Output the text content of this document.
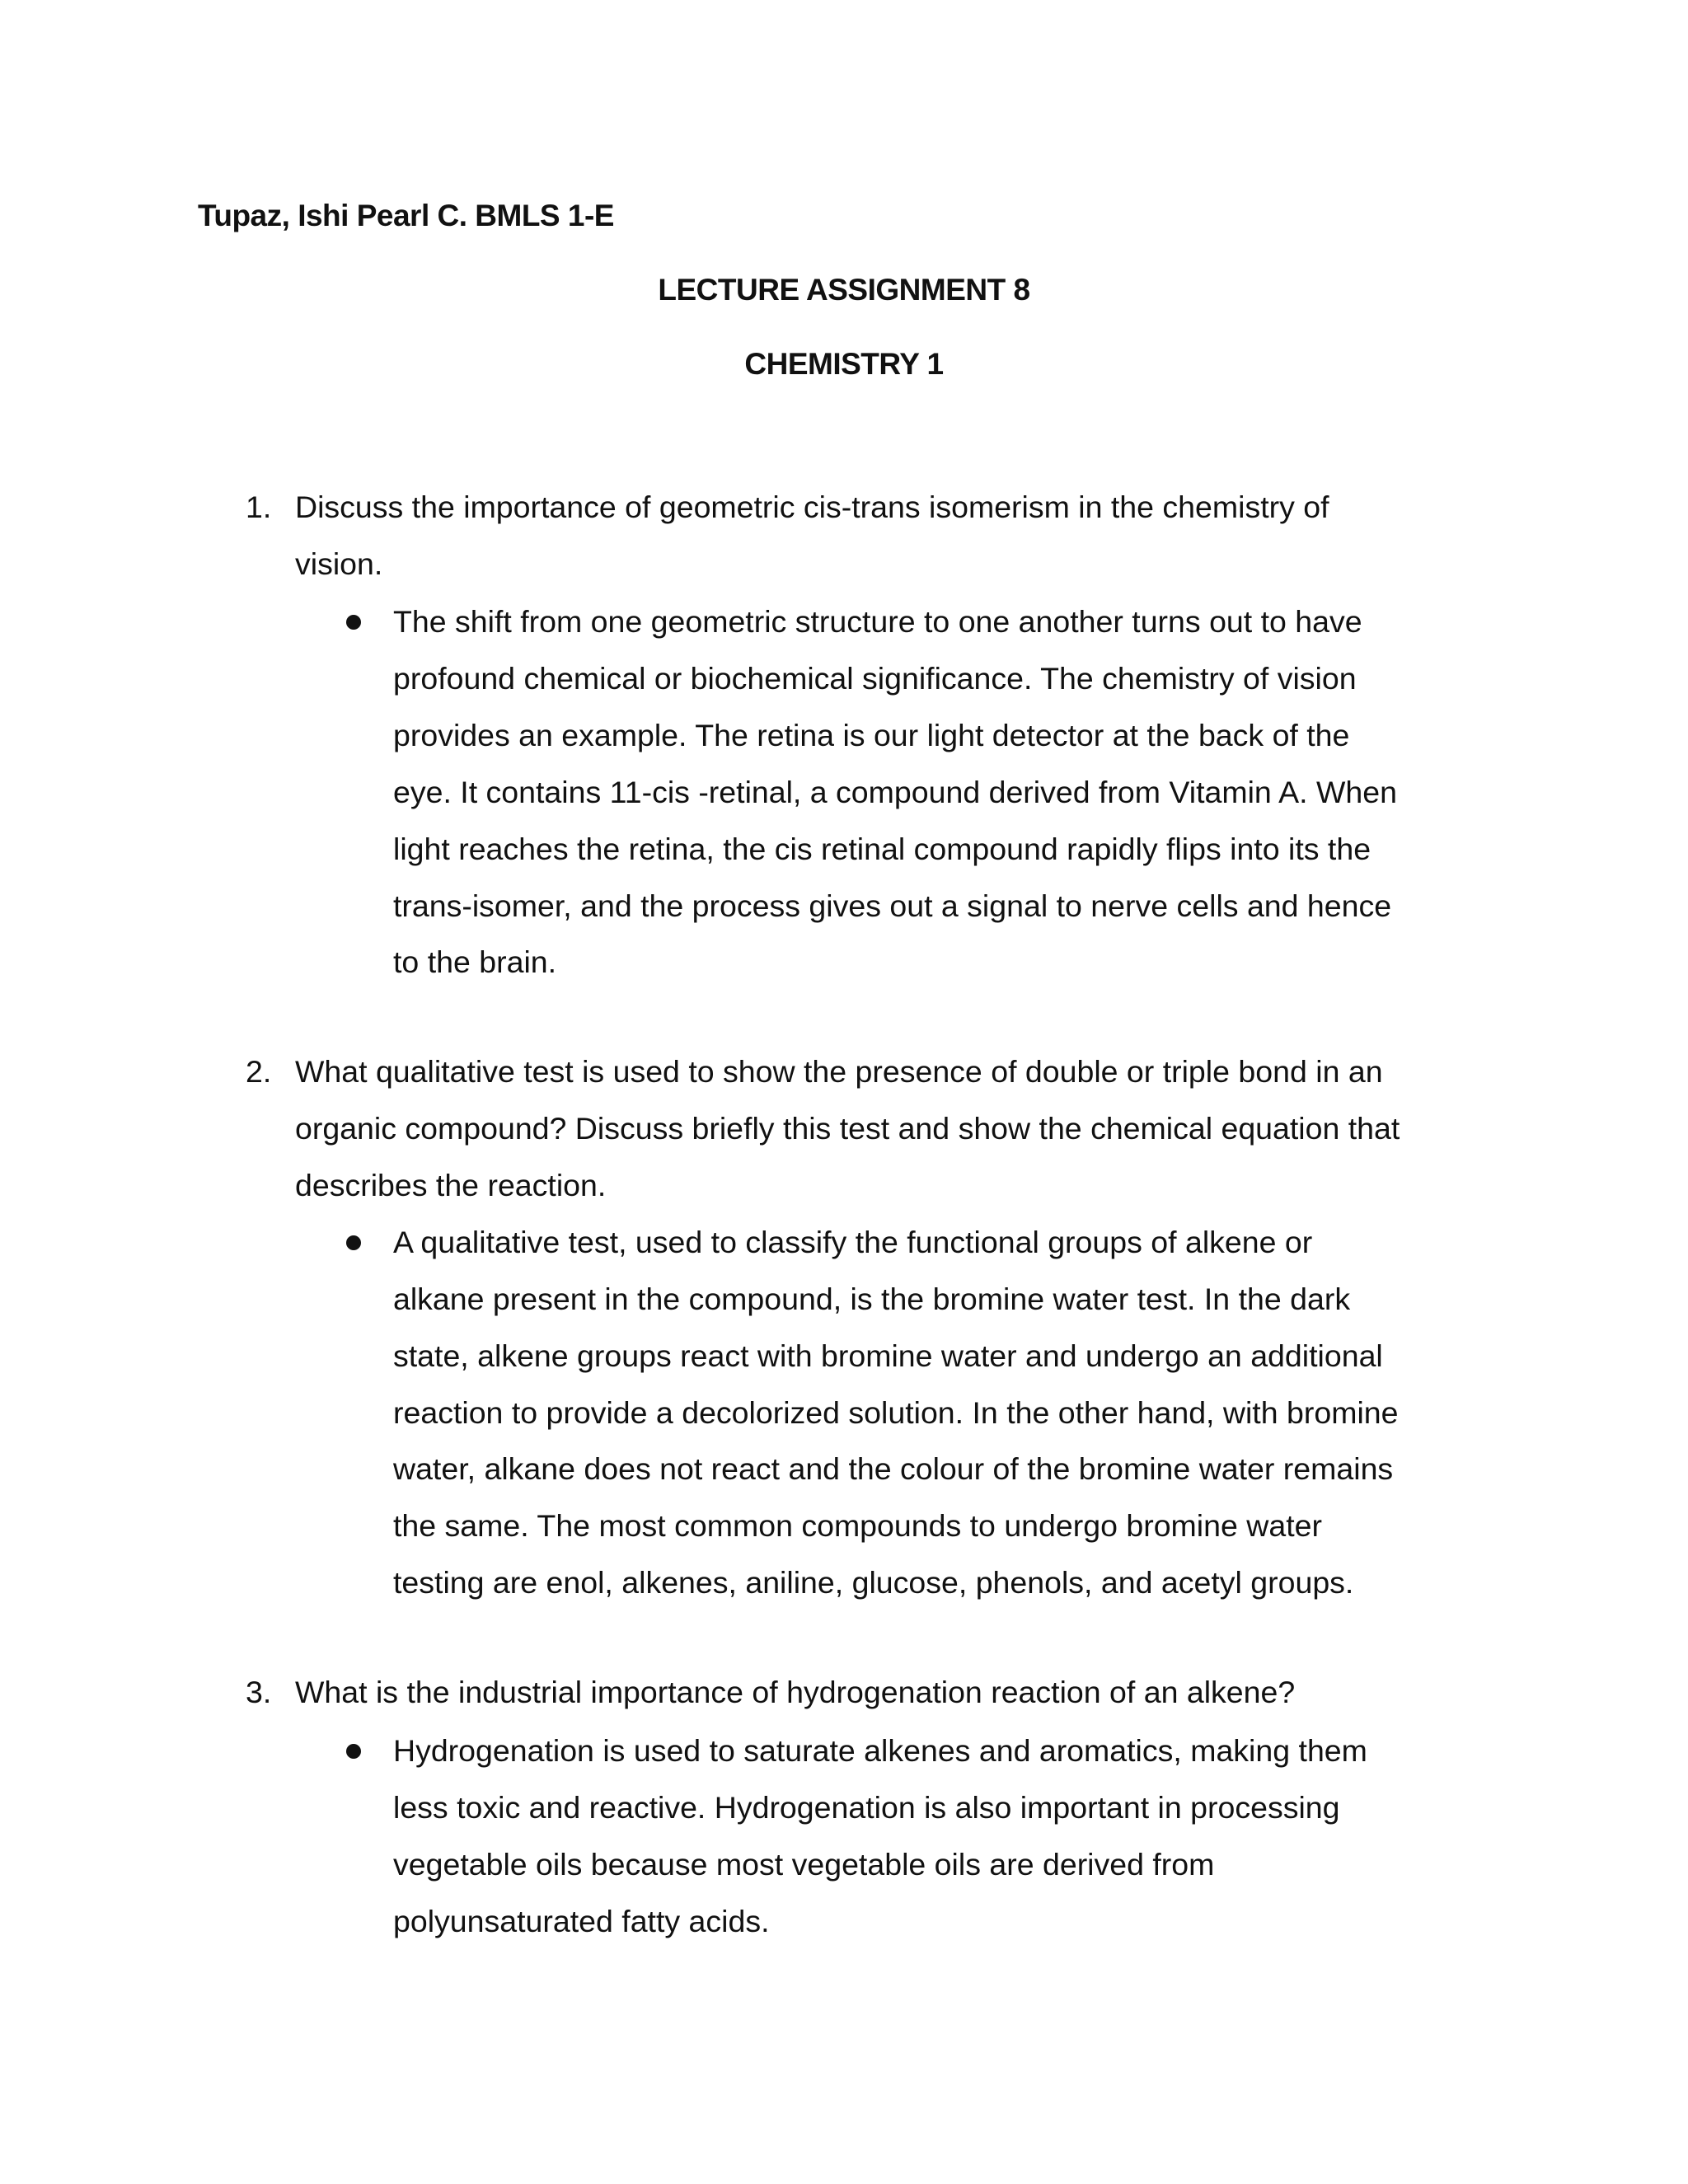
Tupaz, Ishi Pearl C. BMLS 1-E
LECTURE ASSIGNMENT 8
CHEMISTRY 1
1. Discuss the importance of geometric cis-trans isomerism in the chemistry of
vision.
The shift from one geometric structure to one another turns out to have
profound chemical or biochemical significance. The chemistry of vision
provides an example. The retina is our light detector at the back of the
eye. It contains 11-cis -retinal, a compound derived from Vitamin A. When
light reaches the retina, the cis retinal compound rapidly flips into its the
trans-isomer, and the process gives out a signal to nerve cells and hence
to the brain.
2. What qualitative test is used to show the presence of double or triple bond in an
organic compound? Discuss briefly this test and show the chemical equation that
describes the reaction.
A qualitative test, used to classify the functional groups of alkene or
alkane present in the compound, is the bromine water test. In the dark
state, alkene groups react with bromine water and undergo an additional
reaction to provide a decolorized solution. In the other hand, with bromine
water, alkane does not react and the colour of the bromine water remains
the same. The most common compounds to undergo bromine water
testing are enol, alkenes, aniline, glucose, phenols, and acetyl groups.
3. What is the industrial importance of hydrogenation reaction of an alkene?
Hydrogenation is used to saturate alkenes and aromatics, making them
less toxic and reactive. Hydrogenation is also important in processing
vegetable oils because most vegetable oils are derived from
polyunsaturated fatty acids.
